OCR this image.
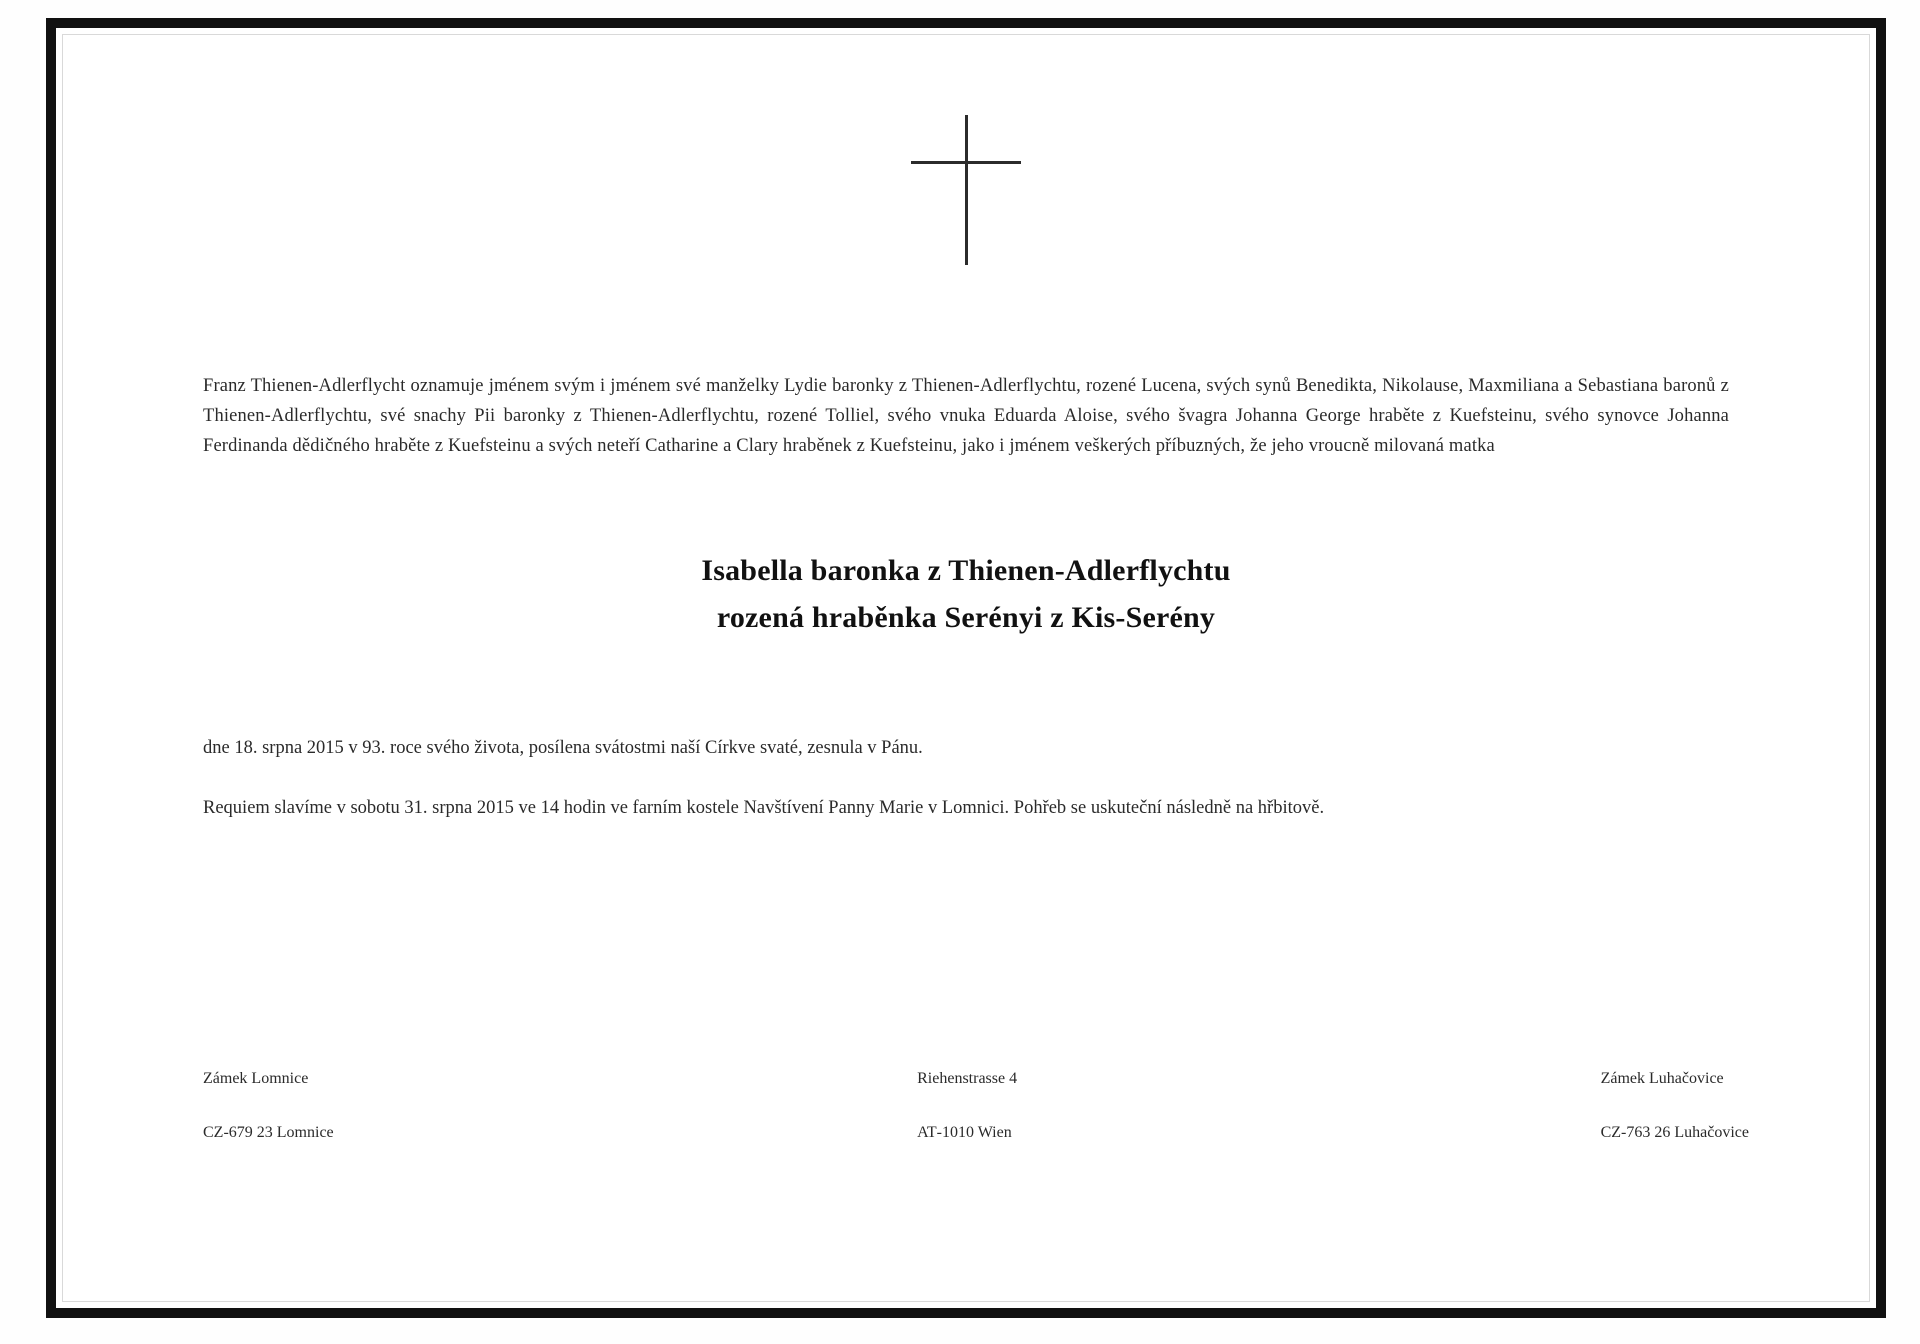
Franz Thienen‑Adlerflycht oznamuje jménem svým i jménem své manželky Lydie baronky z Thienen‑Adlerflychtu, rozené Lucena, svých synů Benedikta, Nikolause, Maxmiliana a Sebastiana baronů z Thienen‑Adlerflychtu, své snachy Pii baronky z Thienen‑Adlerflychtu, rozené Tolliel, svého vnuka Eduarda Aloise, svého švagra Johanna George hraběte z Kuefsteinu, svého synovce Johanna Ferdinanda dědičného hraběte z Kuefsteinu a svých neteří Catharine a Clary hraběnek z Kuefsteinu, jako i jménem veškerých příbuzných, že jeho vroucně milovaná matka
Isabella baronka z Thienen‑Adlerflychtu
rozená hraběnka Serényi z Kis‑Serény
dne 18. srpna 2015 v 93. roce svého života, posílena svátostmi naší Církve svaté, zesnula v Pánu.
Requiem slavíme v sobotu 31. srpna 2015 ve 14 hodin ve farním kostele Navštívení Panny Marie v Lomnici. Pohřeb se uskuteční následně na hřbitově.

Zámek Lomnice

CZ‑679 23 Lomnice

Riehenstrasse 4

AT‑1010 Wien

Zámek Luhačovice

CZ‑763 26 Luhačovice
